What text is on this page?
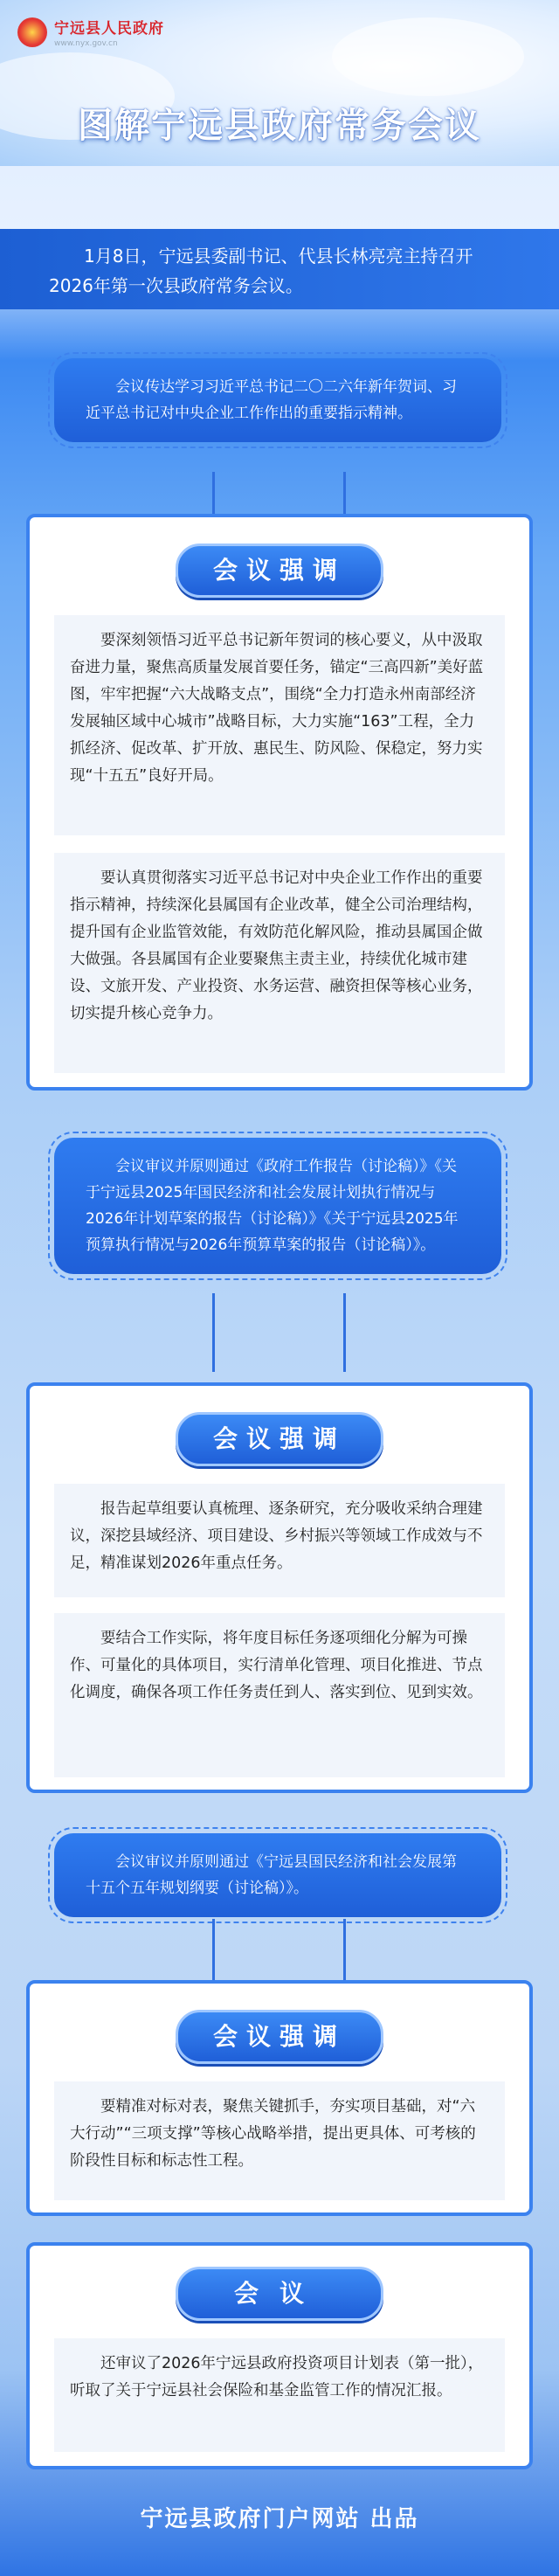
宁远县人民政府
www.nyx.gov.cn
图解宁远县政府常务会议

1月8日，宁远县委副书记、代县长林亮亮主持召开2026年第一次县政府常务会议。

会议传达学习习近平总书记二〇二六年新年贺词、习近平总书记对中央企业工作作出的重要指示精神。
会议强调
要深刻领悟习近平总书记新年贺词的核心要义，从中汲取奋进力量，聚焦高质量发展首要任务，锚定“三高四新”美好蓝图，牢牢把握“六大战略支点”，围绕“全力打造永州南部经济发展轴区域中心城市”战略目标，大力实施“163”工程，全力抓经济、促改革、扩开放、惠民生、防风险、保稳定，努力实现“十五五”良好开局。
要认真贯彻落实习近平总书记对中央企业工作作出的重要指示精神，持续深化县属国有企业改革，健全公司治理结构，提升国有企业监管效能，有效防范化解风险，推动县属国企做大做强。各县属国有企业要聚焦主责主业，持续优化城市建设、文旅开发、产业投资、水务运营、融资担保等核心业务，切实提升核心竞争力。
会议审议并原则通过《政府工作报告（讨论稿）》《关于宁远县2025年国民经济和社会发展计划执行情况与2026年计划草案的报告（讨论稿）》《关于宁远县2025年预算执行情况与2026年预算草案的报告（讨论稿）》。
会议强调
报告起草组要认真梳理、逐条研究，充分吸收采纳合理建议，深挖县域经济、项目建设、乡村振兴等领域工作成效与不足，精准谋划2026年重点任务。
要结合工作实际，将年度目标任务逐项细化分解为可操作、可量化的具体项目，实行清单化管理、项目化推进、节点化调度，确保各项工作任务责任到人、落实到位、见到实效。
会议审议并原则通过《宁远县国民经济和社会发展第十五个五年规划纲要（讨论稿）》。
会议强调
要精准对标对表，聚焦关键抓手，夯实项目基础，对“六大行动”“三项支撑”等核心战略举措，提出更具体、可考核的阶段性目标和标志性工程。
会议
还审议了2026年宁远县政府投资项目计划表（第一批），听取了关于宁远县社会保险和基金监管工作的情况汇报。
宁远县政府门户网站 出品
